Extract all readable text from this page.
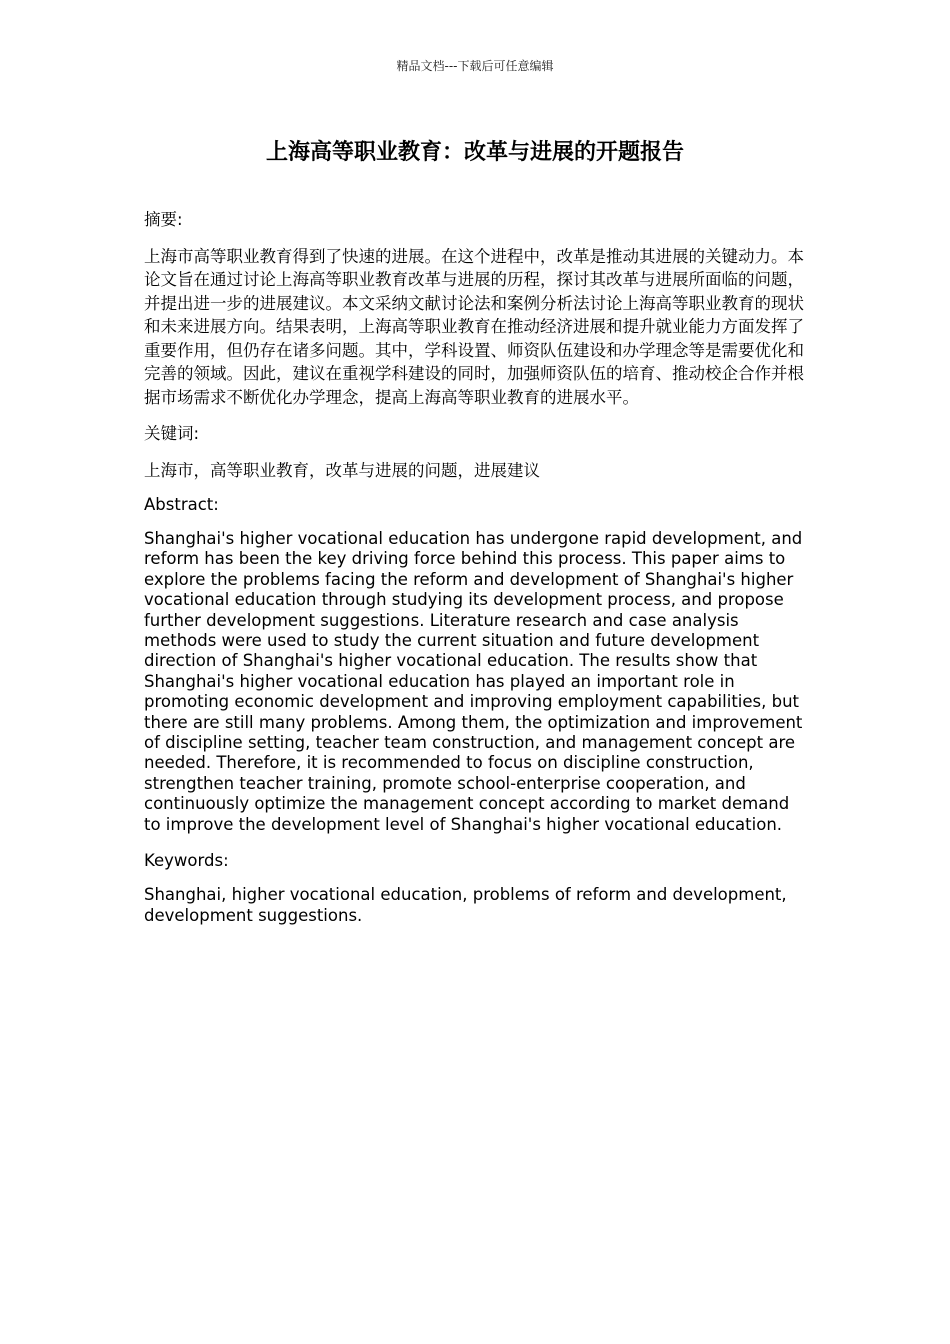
精品文档---下载后可任意编辑
上海高等职业教育：改革与进展的开题报告

摘要:

上海市高等职业教育得到了快速的进展。在这个进程中，改革是推动其进展的关键动力。本论文旨在通过讨论上海高等职业教育改革与进展的历程，探讨其改革与进展所面临的问题，并提出进一步的进展建议。本文采纳文献讨论法和案例分析法讨论上海高等职业教育的现状和未来进展方向。结果表明，上海高等职业教育在推动经济进展和提升就业能力方面发挥了重要作用，但仍存在诸多问题。其中，学科设置、师资队伍建设和办学理念等是需要优化和完善的领域。因此，建议在重视学科建设的同时，加强师资队伍的培育、推动校企合作并根据市场需求不断优化办学理念，提高上海高等职业教育的进展水平。

关键词:

上海市，高等职业教育，改革与进展的问题，进展建议

Abstract:

Shanghai's higher vocational education has undergone rapid development, and reform has been the key driving force behind this process. This paper aims to explore the problems facing the reform and development of Shanghai's higher vocational education through studying its development process, and propose further development suggestions. Literature research and case analysis methods were used to study the current situation and future development direction of Shanghai's higher vocational education. The results show that Shanghai's higher vocational education has played an important role in promoting economic development and improving employment capabilities, but there are still many problems. Among them, the optimization and improvement of discipline setting, teacher team construction, and management concept are needed. Therefore, it is recommended to focus on discipline construction, strengthen teacher training, promote school-enterprise cooperation, and continuously optimize the management concept according to market demand to improve the development level of Shanghai's higher vocational education.

Keywords:

Shanghai, higher vocational education, problems of reform and development, development suggestions.
